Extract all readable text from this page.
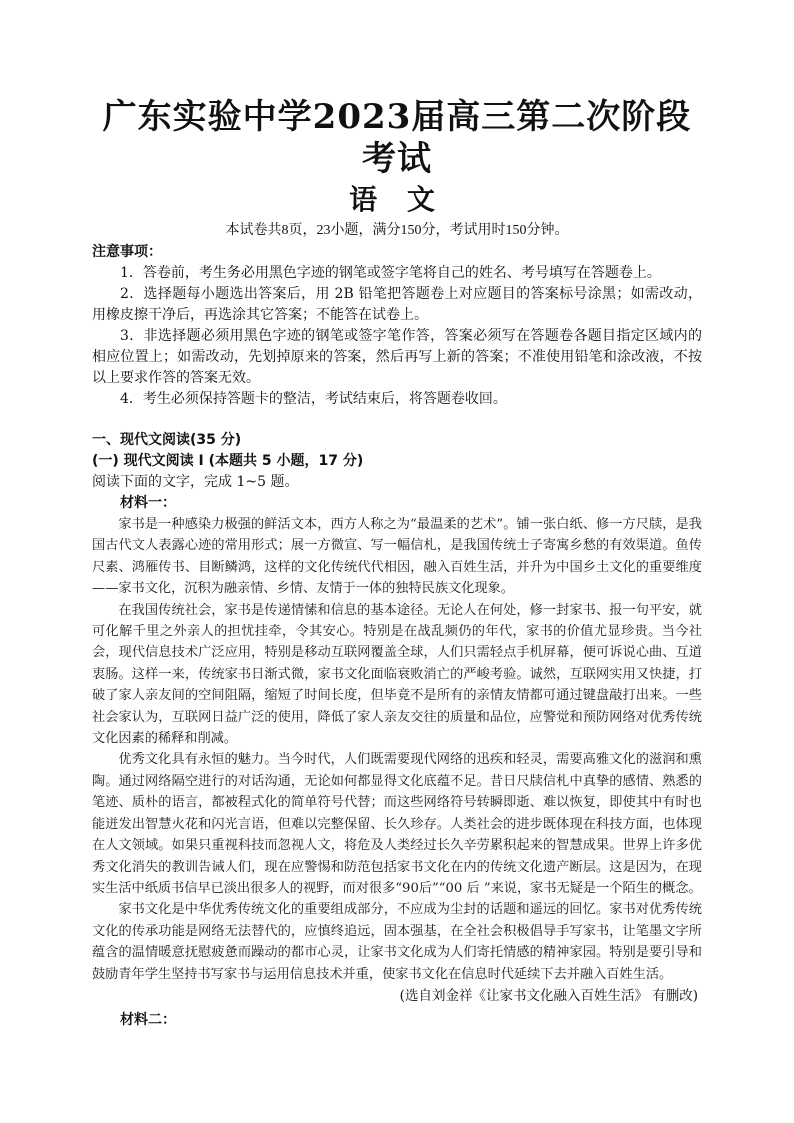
广东实验中学2023届高三第二次阶段考试
语 文

本试卷共8页，23小题，满分150分，考试用时150分钟。

注意事项：

1．答卷前，考生务必用黑色字迹的钢笔或签字笔将自己的姓名、考号填写在答题卷上。

2．选择题每小题选出答案后，用 2B 铅笔把答题卷上对应题目的答案标号涂黑；如需改动，用橡皮擦干净后，再选涂其它答案；不能答在试卷上。

3．非选择题必须用黑色字迹的钢笔或签字笔作答，答案必须写在答题卷各题目指定区域内的相应位置上；如需改动，先划掉原来的答案，然后再写上新的答案；不准使用铅笔和涂改液，不按以上要求作答的答案无效。

4．考生必须保持答题卡的整洁，考试结束后，将答题卷收回。

一、现代文阅读(35 分)

(一) 现代文阅读 I (本题共 5 小题，17 分)

阅读下面的文字，完成 1~5 题。

材料一：

家书是一种感染力极强的鲜活文本，西方人称之为“最温柔的艺术”。铺一张白纸、修一方尺牍，是我国古代文人表露心迹的常用形式；展一方微宣、写一幅信札，是我国传统士子寄寓乡愁的有效渠道。鱼传尺素、鸿雁传书、目断鳞鸿，这样的文化传统代代相因，融入百姓生活，并升为中国乡土文化的重要维度——家书文化，沉积为融亲情、乡情、友情于一体的独特民族文化现象。

在我国传统社会，家书是传递情愫和信息的基本途径。无论人在何处，修一封家书、报一句平安，就可化解千里之外亲人的担忧挂牵，令其安心。特别是在战乱频仍的年代，家书的价值尤显珍贵。当今社会，现代信息技术广泛应用，特别是移动互联网覆盖全球，人们只需轻点手机屏幕，便可诉说心曲、互道衷肠。这样一来，传统家书日渐式微，家书文化面临衰败消亡的严峻考验。诚然，互联网实用又快捷，打破了家人亲友间的空间阻隔，缩短了时间长度，但毕竟不是所有的亲情友情都可通过键盘敲打出来。一些社会家认为，互联网日益广泛的使用，降低了家人亲友交往的质量和品位，应警觉和预防网络对优秀传统文化因素的稀释和削减。

优秀文化具有永恒的魅力。当今时代，人们既需要现代网络的迅疾和轻灵，需要高雅文化的滋润和熏陶。通过网络隔空进行的对话沟通，无论如何都显得文化底蕴不足。昔日尺牍信札中真挚的感情、熟悉的笔迹、质朴的语言，都被程式化的简单符号代替；而这些网络符号转瞬即逝、难以恢复，即使其中有时也能迸发出智慧火花和闪光言语，但难以完整保留、长久珍存。人类社会的进步既体现在科技方面，也体现在人文领域。如果只重视科技而忽视人文，将危及人类经过长久辛劳累积起来的智慧成果。世界上许多优秀文化消失的教训告诫人们，现在应警惕和防范包括家书文化在内的传统文化遗产断层。这是因为，在现实生活中纸质书信早已淡出很多人的视野，而对很多“90后”“00 后 ”来说，家书无疑是一个陌生的概念。

家书文化是中华优秀传统文化的重要组成部分，不应成为尘封的话题和遥远的回忆。家书对优秀传统文化的传承功能是网络无法替代的，应慎终追远，固本强基，在全社会积极倡导手写家书，让笔墨文字所蕴含的温情暖意抚慰疲惫而躁动的都市心灵，让家书文化成为人们寄托情感的精神家园。特别是要引导和鼓励青年学生坚持书写家书与运用信息技术并重，使家书文化在信息时代延续下去并融入百姓生活。

(选自刘金祥《让家书文化融入百姓生活》 有删改)

材料二：
